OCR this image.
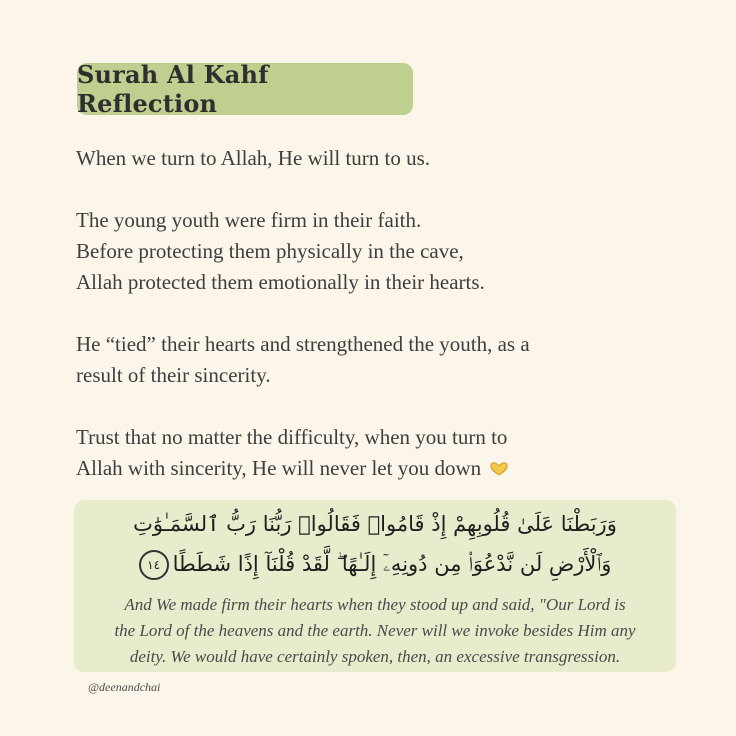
Surah Al Kahf Reflection
When we turn to Allah, He will turn to us.
The young youth were firm in their faith.
Before protecting them physically in the cave,
Allah protected them emotionally in their hearts.
He “tied” their hearts and strengthened the youth, as a
result of their sincerity.
Trust that no matter the difficulty, when you turn to
Allah with sincerity, He will never let you down
وَرَبَطْنَا عَلَىٰ قُلُوبِهِمْ إِذْ قَامُوا۟ فَقَالُوا۟ رَبُّنَا رَبُّ ٱلسَّمَـٰوَٰتِ
وَٱلْأَرْضِ لَن نَّدْعُوَا۟ مِن دُونِهِۦٓ إِلَـٰهًا ۖ لَّقَدْ قُلْنَآ إِذًا شَطَطًا١٤
And We made firm their hearts when they stood up and said, "Our Lord is
the Lord of the heavens and the earth. Never will we invoke besides Him any
deity. We would have certainly spoken, then, an excessive transgression.
@deenandchai
